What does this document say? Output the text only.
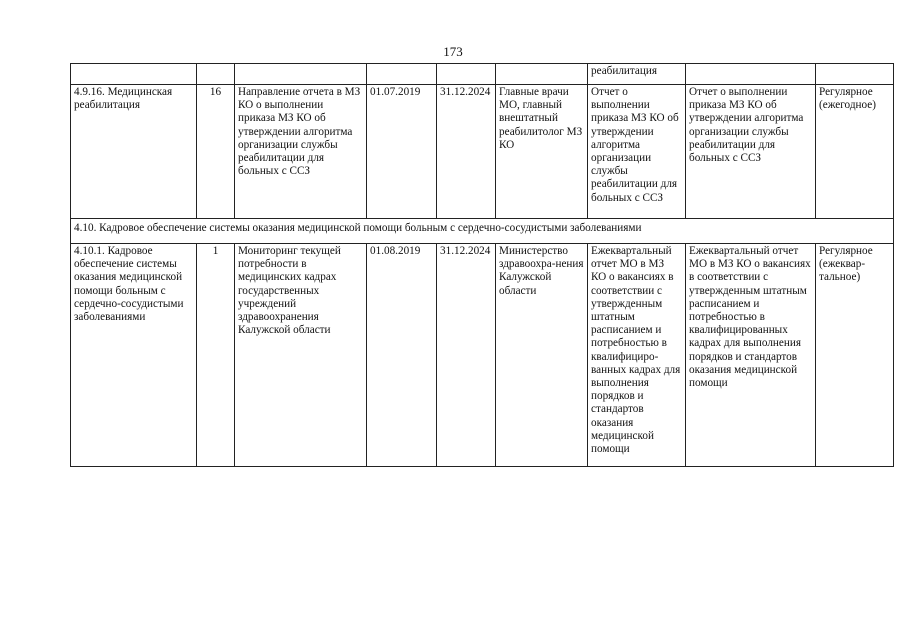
173
						реабилитация		
4.9.16. Медицинская реабилитация	16	Направление отчета в МЗ КО о выполнении приказа МЗ КО об утверждении алгоритма организации службы реабилитации для больных с ССЗ	01.07.2019	31.12.2024	Главные врачи МО, главный внештатный реабилитолог МЗ КО	Отчет о выполнении приказа МЗ КО об утверждении алгоритма организации службы реабилитации для больных с ССЗ	Отчет о выполнении приказа МЗ КО об утверждении алгоритма организации службы реабилитации для больных с ССЗ	Регулярное (ежегодное)
4.10. Кадровое обеспечение системы оказания медицинской помощи больным с сердечно-сосудистыми заболеваниями								
4.10.1. Кадровое обеспечение системы оказания медицинской помощи больным с сердечно-сосудистыми заболеваниями	1	Мониторинг текущей потребности в медицинских кадрах государственных учреждений здравоохранения Калужской области	01.08.2019	31.12.2024	Министерство здравоохра-нения Калужской области	Ежеквартальный отчет МО в МЗ КО о вакансиях в соответствии с утвержденным штатным расписанием и потребностью в квалифициро-ванных кадрах для выполнения порядков и стандартов оказания медицинской помощи	Ежеквартальный отчет МО в МЗ КО о вакансиях в соответствии с утвержденным штатным расписанием и потребностью в квалифицированных кадрах для выполнения порядков и стандартов оказания медицинской помощи	Регулярное (ежеквар-тальное)
